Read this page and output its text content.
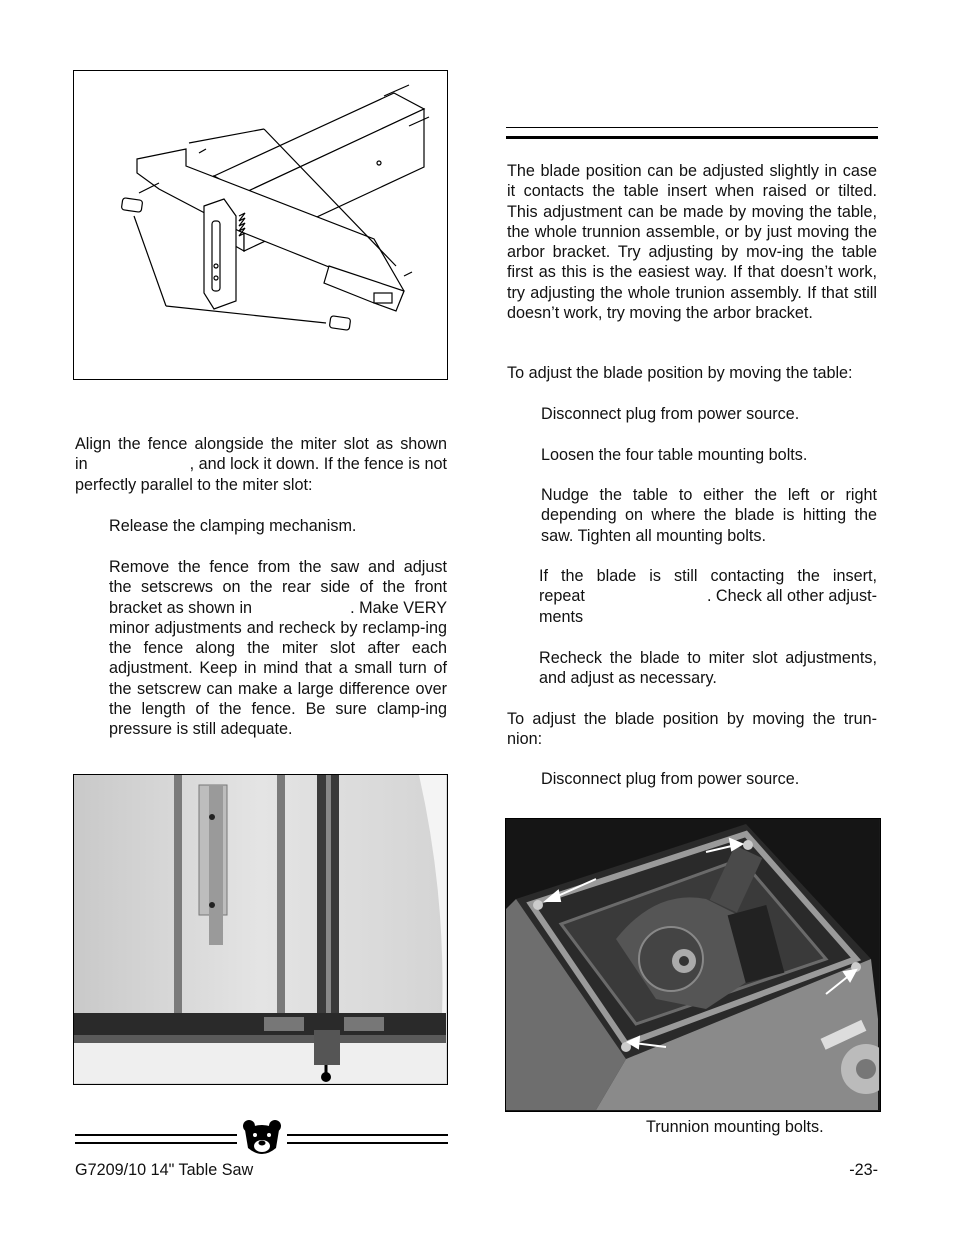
Align the fence alongside the miter slot as shown
in	, and lock it down. If the fence is not
perfectly parallel to the miter slot:
Release the clamping mechanism.
Remove the fence from the saw and adjust
the setscrews on the rear side of the front
bracket as shown in	. Make VERY
minor adjustments and recheck by reclamp-ing the fence along the miter slot after each adjustment. Keep in mind that a small turn of the setscrew can make a large difference over the length of the fence. Be sure clamp-ing pressure is still adequate.
G7209/10 14" Table Saw
The blade position can be adjusted slightly in case it contacts the table insert when raised or tilted. This adjustment can be made by moving the table, the whole trunnion assemble, or by just moving the arbor bracket. Try adjusting by mov-ing the table first as this is the easiest way. If that doesn’t work, try adjusting the whole trunion assembly. If that still doesn’t work, try moving the arbor bracket.
To adjust the blade position by moving the table:
Disconnect plug from power source.
Loosen the four table mounting bolts.
Nudge the table to either the left or right depending on where the blade is hitting the saw. Tighten all mounting bolts.
If the blade is still contacting the insert,
repeat	. Check all other adjust-
ments
Recheck the blade to miter slot adjustments, and adjust as necessary.
To adjust the blade position by moving the trun-nion:
Disconnect plug from power source.
Trunnion mounting bolts.
-23-
